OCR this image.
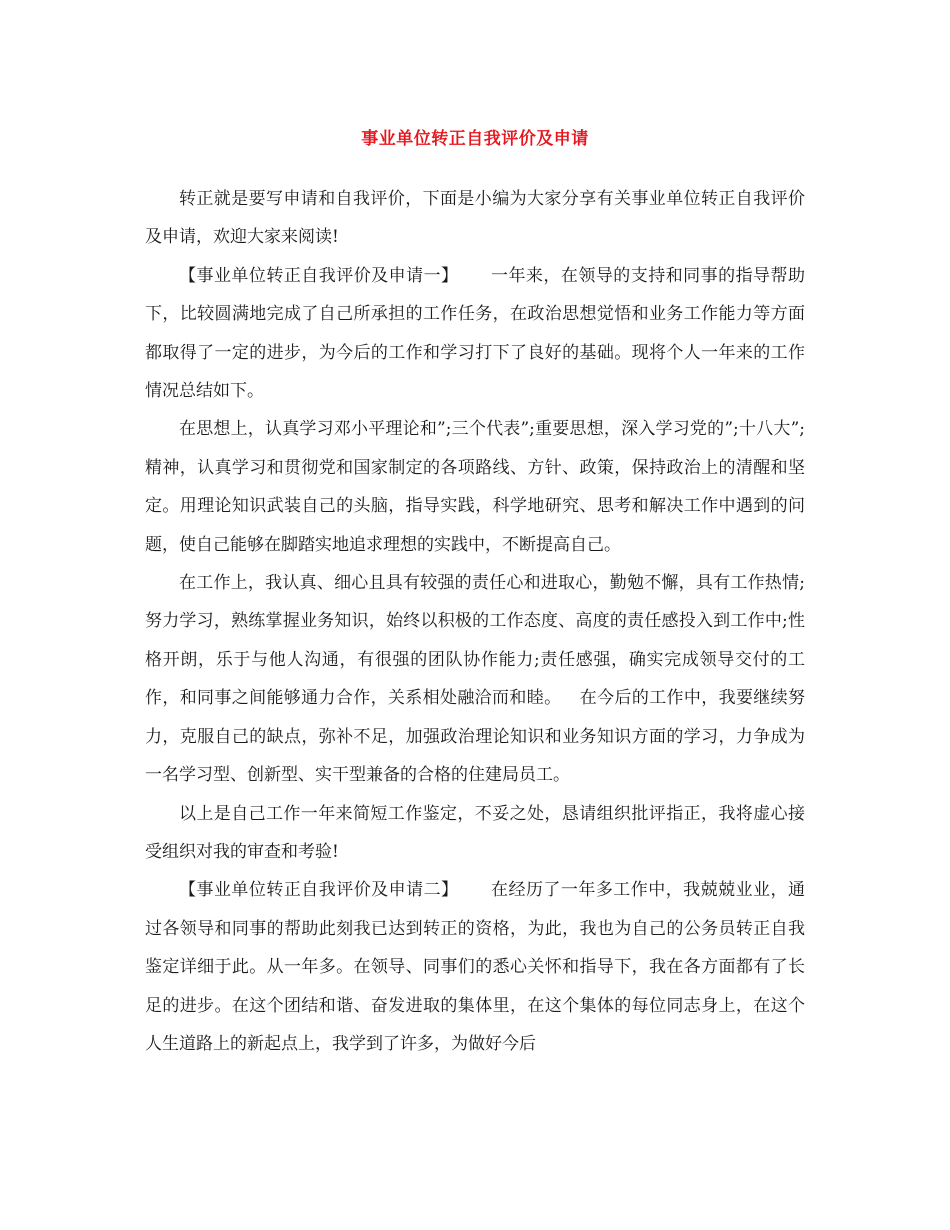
事业单位转正自我评价及申请

转正就是要写申请和自我评价，下面是小编为大家分享有关事业单位转正自我评价及申请，欢迎大家来阅读!

【事业单位转正自我评价及申请一】 一年来，在领导的支持和同事的指导帮助下，比较圆满地完成了自己所承担的工作任务，在政治思想觉悟和业务工作能力等方面都取得了一定的进步，为今后的工作和学习打下了良好的基础。现将个人一年来的工作情况总结如下。

在思想上，认真学习邓小平理论和”;三个代表”;重要思想，深入学习党的”;十八大”;精神，认真学习和贯彻党和国家制定的各项路线、方针、政策，保持政治上的清醒和坚定。用理论知识武装自己的头脑，指导实践，科学地研究、思考和解决工作中遇到的问题，使自己能够在脚踏实地追求理想的实践中，不断提高自己。

在工作上，我认真、细心且具有较强的责任心和进取心，勤勉不懈，具有工作热情;努力学习，熟练掌握业务知识，始终以积极的工作态度、高度的责任感投入到工作中;性格开朗，乐于与他人沟通，有很强的团队协作能力;责任感强，确实完成领导交付的工作，和同事之间能够通力合作，关系相处融洽而和睦。 在今后的工作中，我要继续努力，克服自己的缺点，弥补不足，加强政治理论知识和业务知识方面的学习，力争成为一名学习型、创新型、实干型兼备的合格的住建局员工。

以上是自己工作一年来简短工作鉴定，不妥之处，恳请组织批评指正，我将虚心接受组织对我的审查和考验!

【事业单位转正自我评价及申请二】 在经历了一年多工作中，我兢兢业业，通过各领导和同事的帮助此刻我已达到转正的资格，为此，我也为自己的公务员转正自我鉴定详细于此。从一年多。在领导、同事们的悉心关怀和指导下，我在各方面都有了长足的进步。在这个团结和谐、奋发进取的集体里，在这个集体的每位同志身上，在这个人生道路上的新起点上，我学到了许多，为做好今后
